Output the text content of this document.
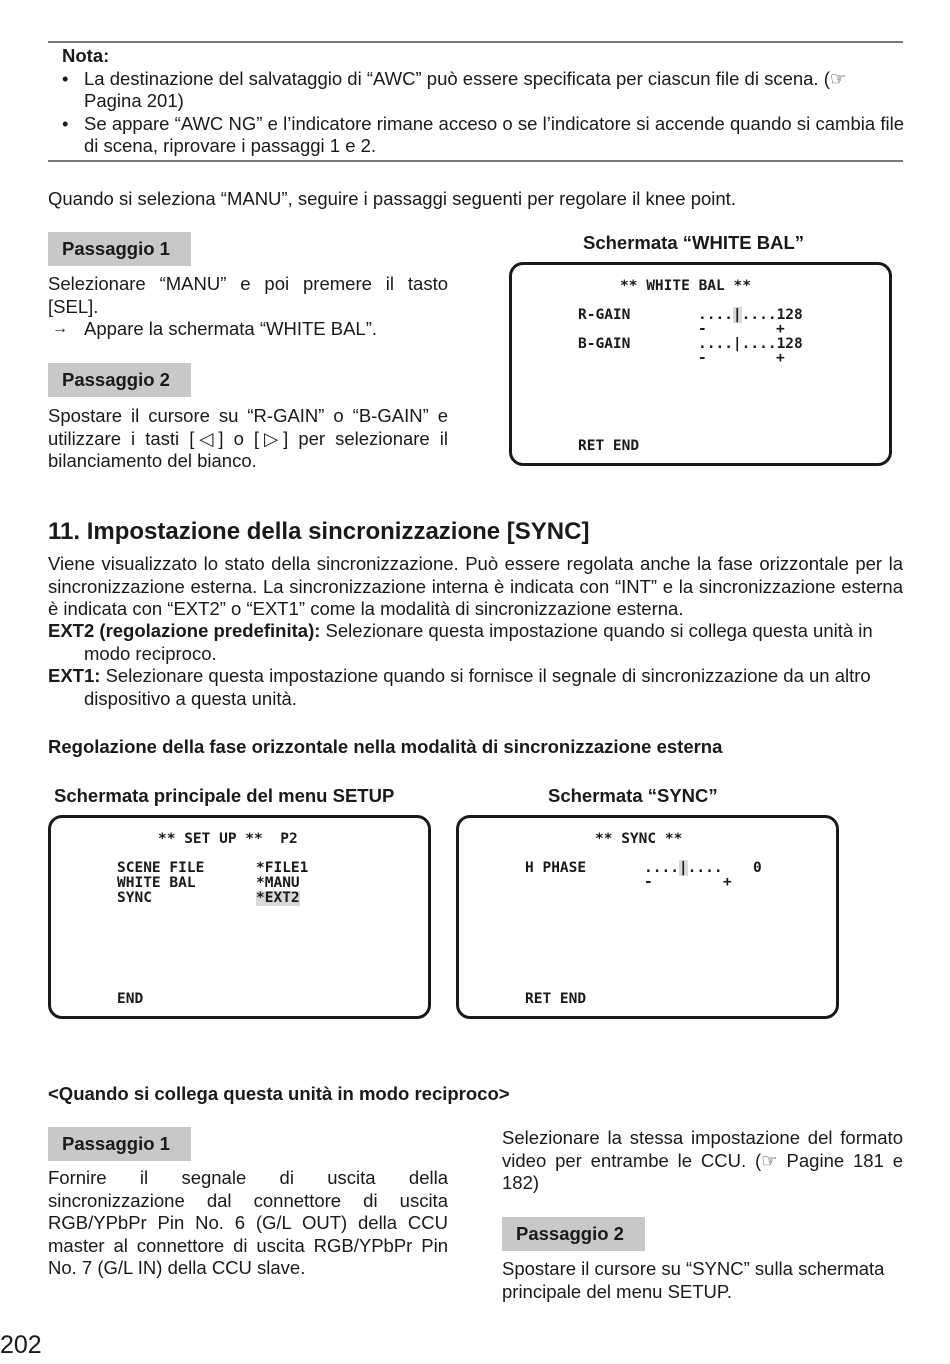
Nota:
• La destinazione del salvataggio di “AWC” può essere specificata per ciascun file di scena. (☞ Pagina 201)
• Se appare “AWC NG” e l’indicatore rimane acceso o se l’indicatore si accende quando si cambia file di scena, riprovare i passaggi 1 e 2.
Quando si seleziona “MANU”, seguire i passaggi seguenti per regolare il knee point.
Passaggio 1
Selezionare “MANU” e poi premere il tasto [SEL].
→ Appare la schermata “WHITE BAL”.
Passaggio 2
Spostare il cursore su “R-GAIN” o “B-GAIN” e utilizzare i tasti [◁] o [▷] per selezionare il bilanciamento del bianco.
Schermata “WHITE BAL”
** WHITE BAL **
R-GAIN	....|....128
-	+
B-GAIN	....|....128
-	+
RET END
11. Impostazione della sincronizzazione [SYNC]
Viene visualizzato lo stato della sincronizzazione. Può essere regolata anche la fase orizzontale per la sincronizzazione esterna. La sincronizzazione interna è indicata con “INT” e la sincronizzazione esterna è indicata con “EXT2” o “EXT1” come la modalità di sincronizzazione esterna.
EXT2 (regolazione predefinita): Selezionare questa impostazione quando si collega questa unità in modo reciproco.
EXT1: Selezionare questa impostazione quando si fornisce il segnale di sincronizzazione da un altro dispositivo a questa unità.
Regolazione della fase orizzontale nella modalità di sincronizzazione esterna
Schermata principale del menu SETUP
** SET UP **  P2
SCENE FILE	*FILE1
WHITE BAL	*MANU
SYNC	*EXT2
END
Schermata “SYNC”
** SYNC **
H PHASE	....|.... 0
-	+
RET END
<Quando si collega questa unità in modo reciproco>
Passaggio 1
Fornire il segnale di uscita della sincronizzazione dal connettore di uscita RGB/YPbPr Pin No. 6 (G/L OUT) della CCU master al connettore di uscita RGB/YPbPr Pin No. 7 (G/L IN) della CCU slave.
Selezionare la stessa impostazione del formato video per entrambe le CCU. (☞ Pagine 181 e 182)
Passaggio 2
Spostare il cursore su “SYNC” sulla schermata principale del menu SETUP.
202
